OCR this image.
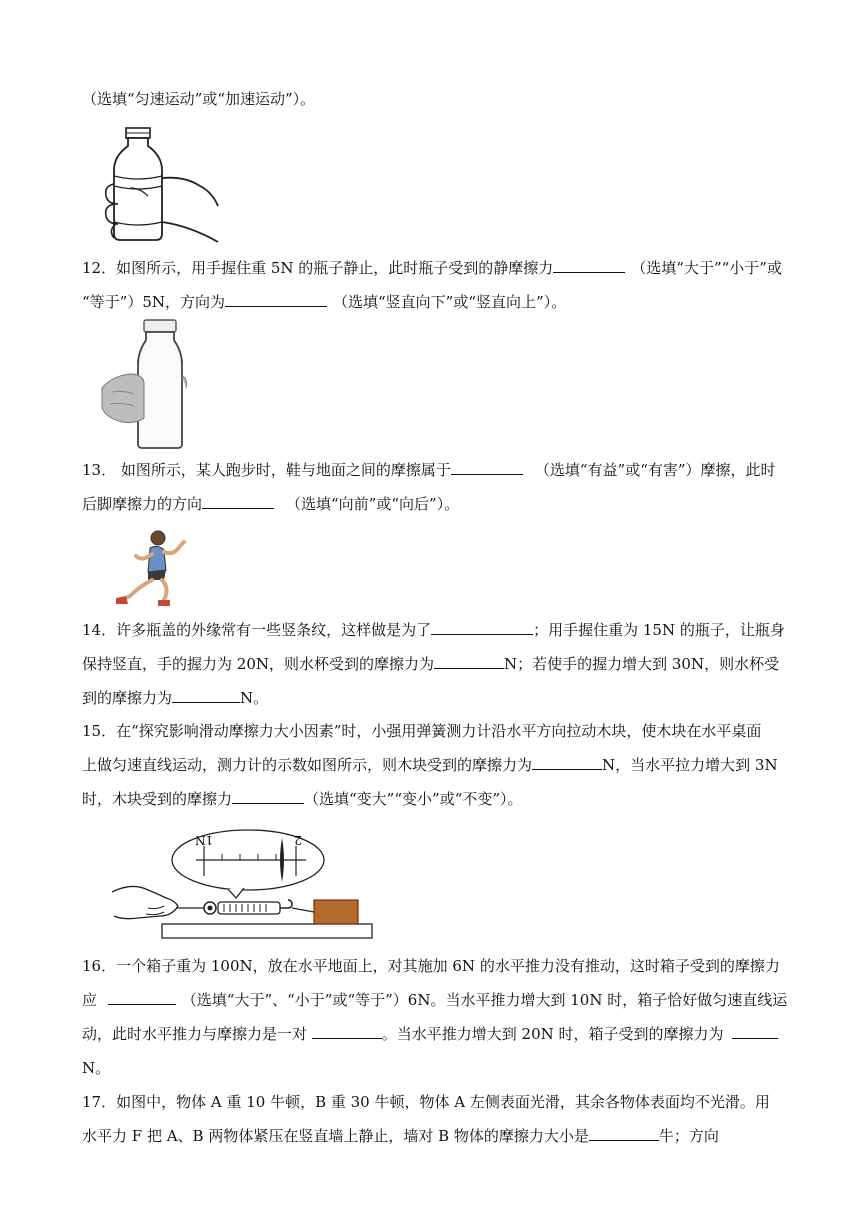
（选填“匀速运动”或“加速运动”）。
12．如图所示，用手握住重 5N 的瓶子静止，此时瓶子受到的静摩擦力	（选填“大于”“小于”或
“等于”）5N，方向为	（选填“竖直向下”或“竖直向上”）。
13． 如图所示，某人跑步时，鞋与地面之间的摩擦属于	（选填“有益”或“有害”）摩擦，此时
后脚摩擦力的方向	（选填“向前”或“向后”）。
14．许多瓶盖的外缘常有一些竖条纹，这样做是为了	；用手握住重为 15N 的瓶子，让瓶身
保持竖直，手的握力为 20N，则水杯受到的摩擦力为	N；若使手的握力增大到 30N，则水杯受
到的摩擦力为	N。
15．在“探究影响滑动摩擦力大小因素”时，小强用弹簧测力计沿水平方向拉动木块，使木块在水平桌面
上做匀速直线运动，测力计的示数如图所示，则木块受到的摩擦力为	N，当水平拉力增大到 3N
时，木块受到的摩擦力	（选填“变大”“变小”或“不变”）。
1N	2
16．一个箱子重为 100N，放在水平地面上，对其施加 6N 的水平推力没有推动，这时箱子受到的摩擦力
应	（选填“大于”、“小于”或“等于”）6N。当水平推力增大到 10N 时，箱子恰好做匀速直线运
动，此时水平推力与摩擦力是一对	。当水平推力增大到 20N 时，箱子受到的摩擦力为
N。
17．如图中，物体 A 重 10 牛顿，B 重 30 牛顿，物体 A 左侧表面光滑，其余各物体表面均不光滑。用
水平力 F 把 A、B 两物体紧压在竖直墙上静止，墙对 B 物体的摩擦力大小是	牛；方向
